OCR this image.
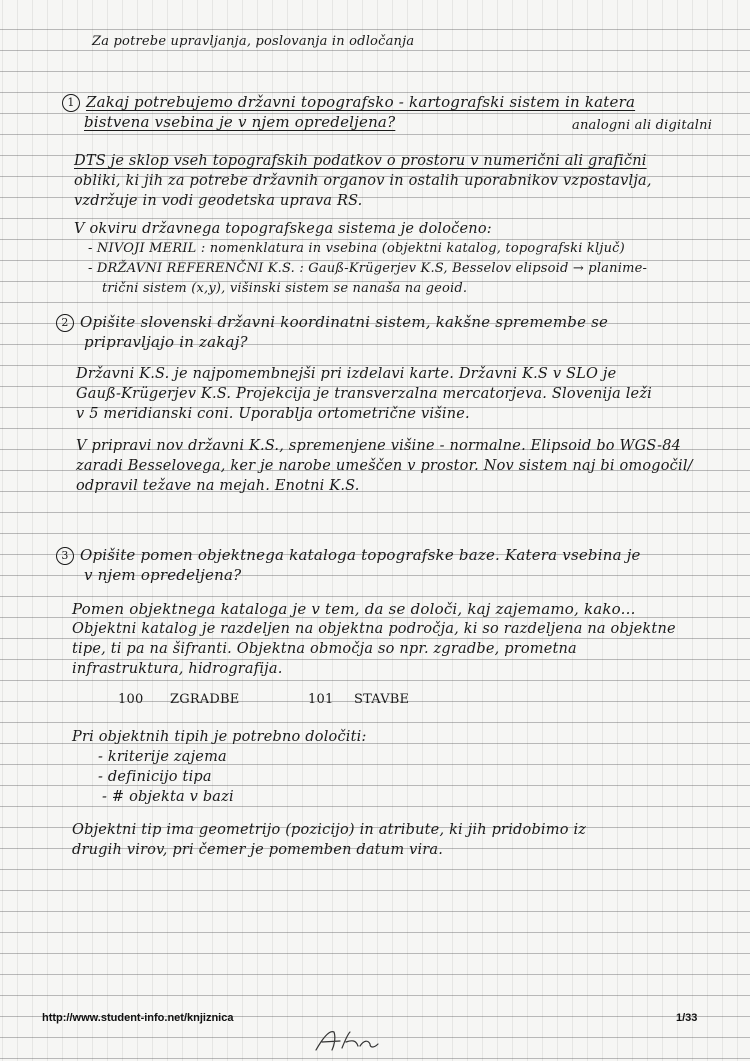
Za potrebe upravljanja, poslovanja in odločanja
1 Zakaj potrebujemo državni topografsko - kartografski sistem in katera
bistvena vsebina je v njem opredeljena?	analogni ali digitalni
DTS je sklop vseh topografskih podatkov o prostoru v numerični ali grafični
obliki, ki jih za potrebe državnih organov in ostalih uporabnikov vzpostavlja,
vzdržuje in vodi geodetska uprava RS.
V okviru državnega topografskega sistema je določeno:
- NIVOJI MERIL : nomenklatura in vsebina (objektni katalog, topografski ključ)
- DRŽAVNI REFERENČNI K.S. : Gauß-Krügerjev K.S, Besselov elipsoid → planime-
trični sistem (x,y), višinski sistem se nanaša na geoid.
2 Opišite slovenski državni koordinatni sistem, kakšne spremembe se
pripravljajo in zakaj?
Državni K.S. je najpomembnejši pri izdelavi karte. Državni K.S v SLO je
Gauß-Krügerjev K.S. Projekcija je transverzalna mercatorjeva. Slovenija leži
v 5 meridianski coni. Uporablja ortometrične višine.
V pripravi nov državni K.S., spremenjene višine - normalne. Elipsoid bo WGS-84
zaradi Besselovega, ker je narobe umeščen v prostor. Nov sistem naj bi omogočil/
odpravil težave na mejah. Enotni K.S.
3 Opišite pomen objektnega kataloga topografske baze. Katera vsebina je
v njem opredeljena?
Pomen objektnega kataloga je v tem, da se določi, kaj zajemamo, kako...
Objektni katalog je razdeljen na objektna področja, ki so razdeljena na objektne
tipe, ti pa na šifranti. Objektna območja so npr. zgradbe, prometna
infrastruktura, hidrografija.
100 ZGRADBE	101 STAVBE
Pri objektnih tipih je potrebno določiti:
- kriterije zajema
- definicijo tipa
- # objekta v bazi
Objektni tip ima geometrijo (pozicijo) in atribute, ki jih pridobimo iz
drugih virov, pri čemer je pomemben datum vira.
http://www.student-info.net/knjiznica	1/33
